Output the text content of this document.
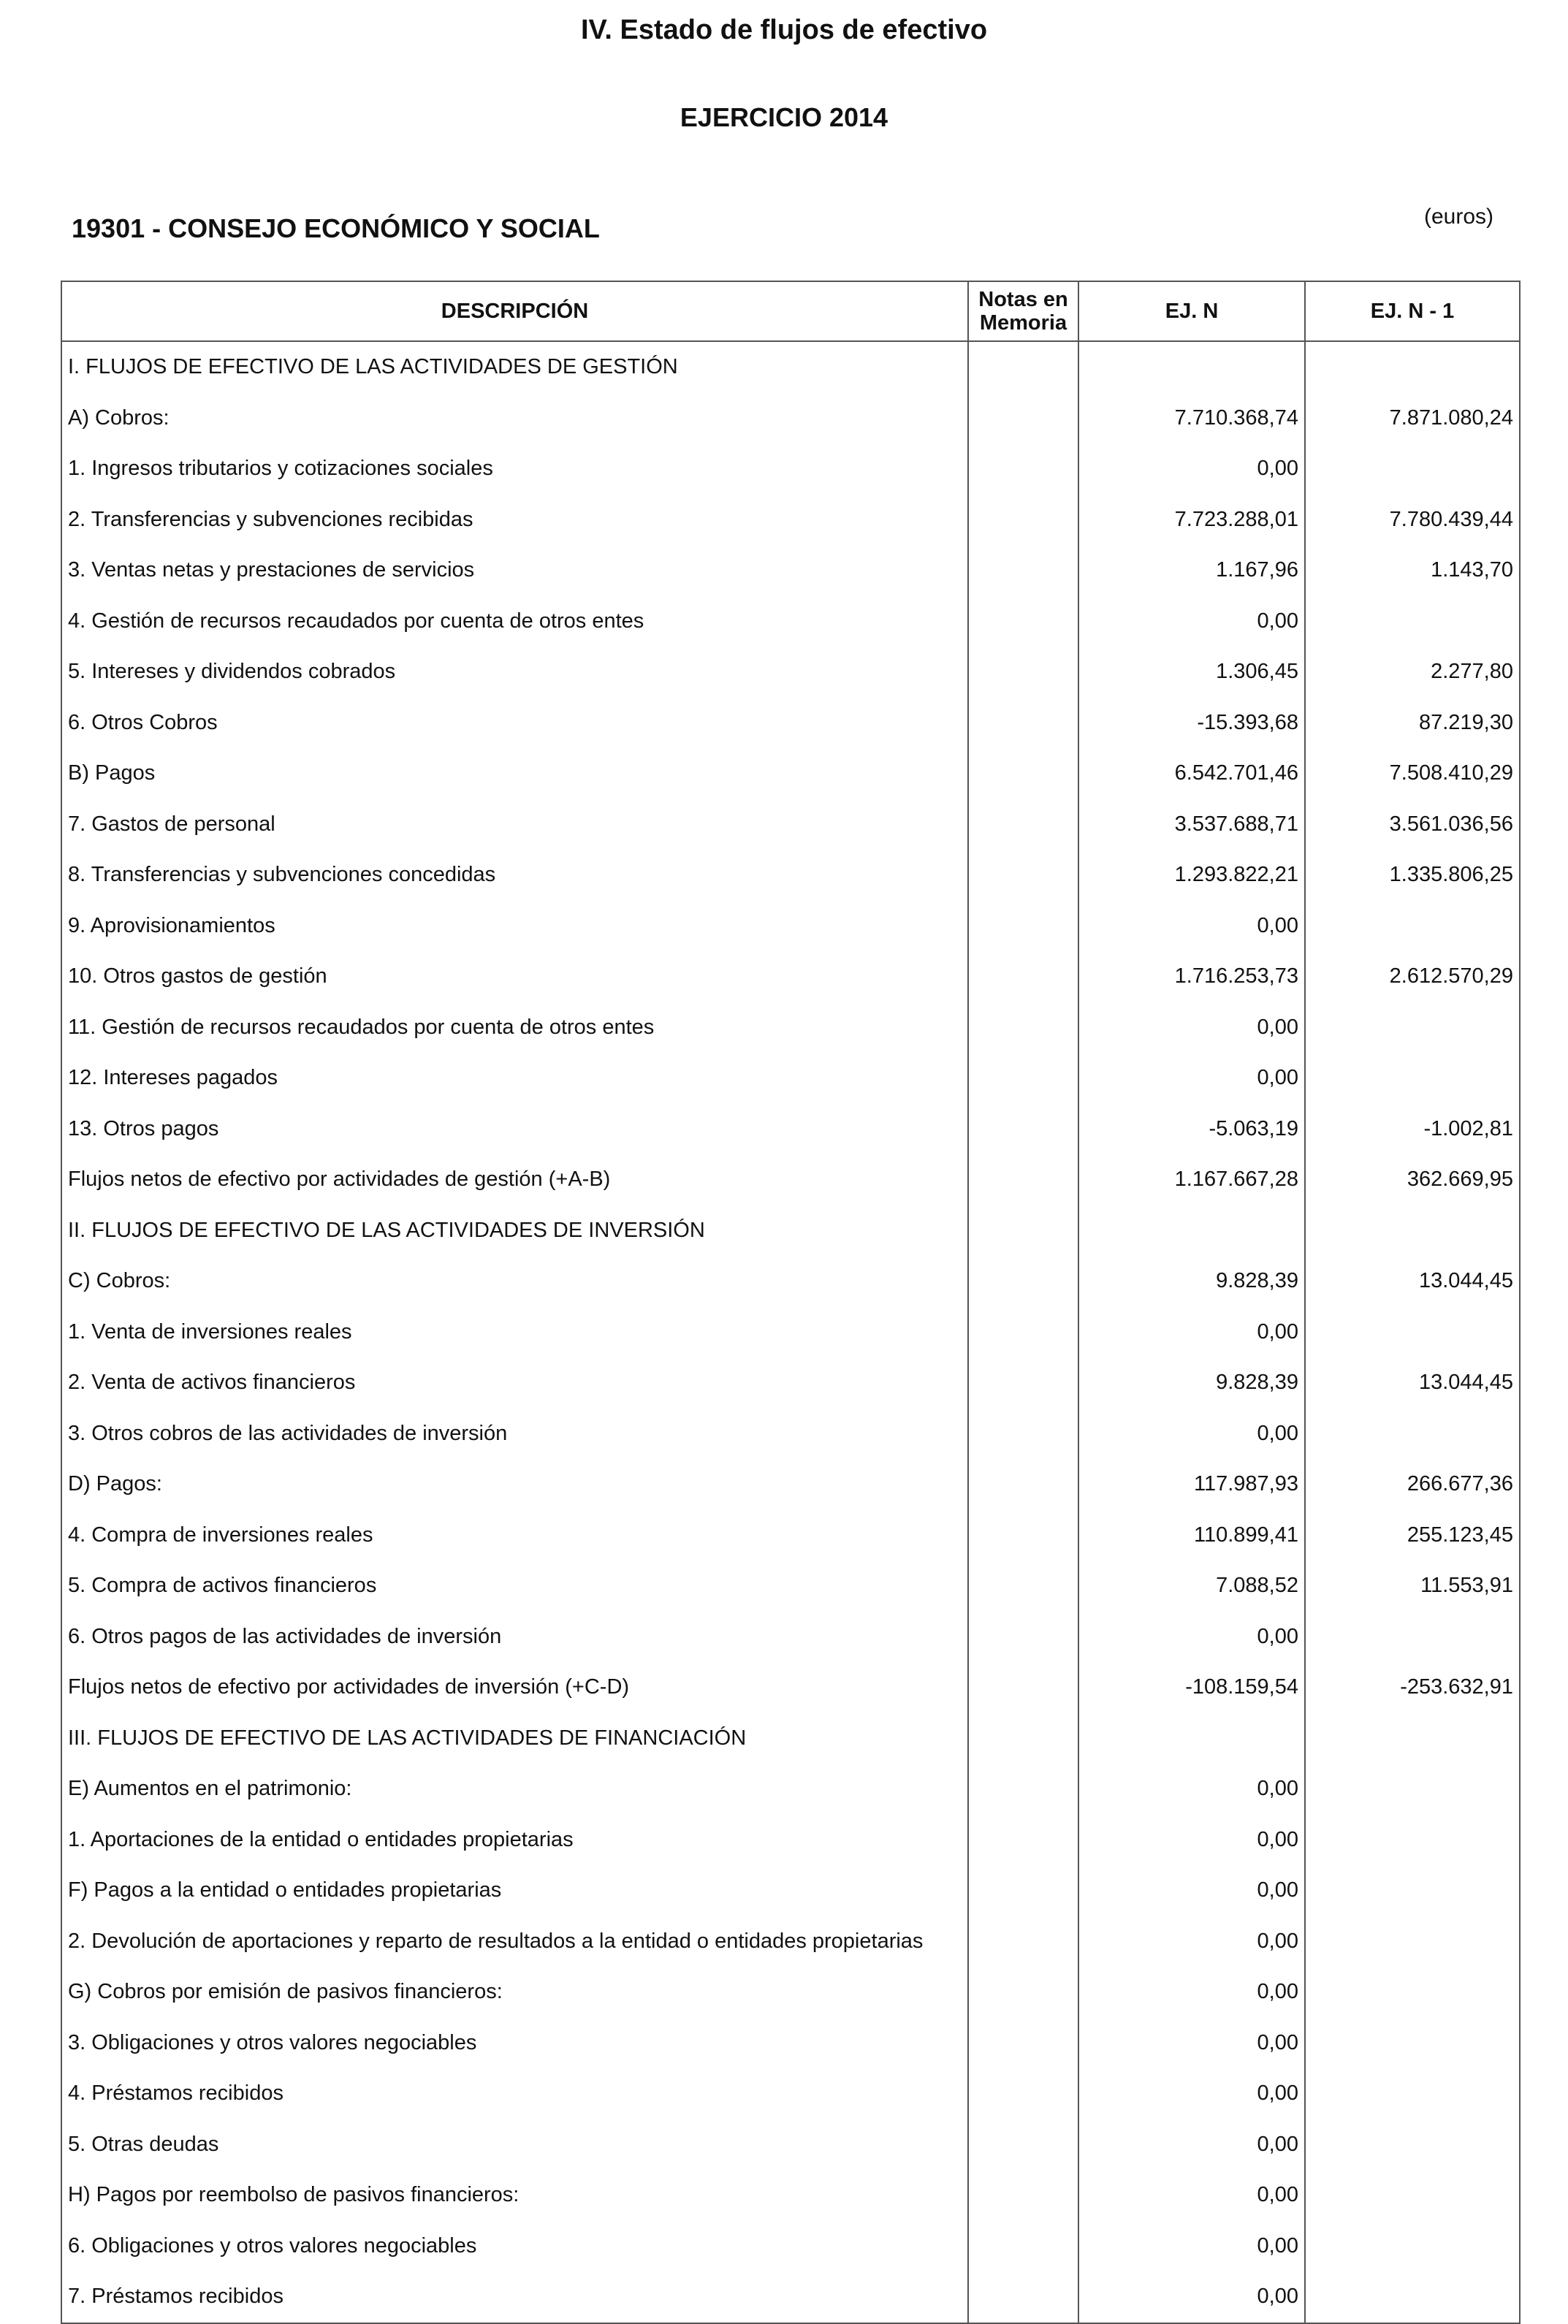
IV. Estado de flujos de efectivo
EJERCICIO 2014
19301 - CONSEJO ECONÓMICO Y SOCIAL	(euros)
DESCRIPCIÓN	Notas en Memoria	EJ. N	EJ. N - 1
I. FLUJOS DE EFECTIVO DE LAS ACTIVIDADES DE GESTIÓN			
A) Cobros:		7.710.368,74	7.871.080,24
1. Ingresos tributarios y cotizaciones sociales		0,00	
2. Transferencias y subvenciones recibidas		7.723.288,01	7.780.439,44
3. Ventas netas y prestaciones de servicios		1.167,96	1.143,70
4. Gestión de recursos recaudados por cuenta de otros entes		0,00	
5. Intereses y dividendos cobrados		1.306,45	2.277,80
6. Otros Cobros		-15.393,68	87.219,30
B) Pagos		6.542.701,46	7.508.410,29
7. Gastos de personal		3.537.688,71	3.561.036,56
8. Transferencias y subvenciones concedidas		1.293.822,21	1.335.806,25
9. Aprovisionamientos		0,00	
10. Otros gastos de gestión		1.716.253,73	2.612.570,29
11. Gestión de recursos recaudados por cuenta de otros entes		0,00	
12. Intereses pagados		0,00	
13. Otros pagos		-5.063,19	-1.002,81
Flujos netos de efectivo por actividades de gestión (+A-B)		1.167.667,28	362.669,95
II. FLUJOS DE EFECTIVO DE LAS ACTIVIDADES DE INVERSIÓN			
C) Cobros:		9.828,39	13.044,45
1. Venta de inversiones reales		0,00	
2. Venta de activos financieros		9.828,39	13.044,45
3. Otros cobros de las actividades de inversión		0,00	
D) Pagos:		117.987,93	266.677,36
4. Compra de inversiones reales		110.899,41	255.123,45
5. Compra de activos financieros		7.088,52	11.553,91
6. Otros pagos de las actividades de inversión		0,00	
Flujos netos de efectivo por actividades de inversión (+C-D)		-108.159,54	-253.632,91
III. FLUJOS DE EFECTIVO DE LAS ACTIVIDADES DE FINANCIACIÓN			
E) Aumentos en el patrimonio:		0,00	
1. Aportaciones de la entidad o entidades propietarias		0,00	
F) Pagos a la entidad o entidades propietarias		0,00	
2. Devolución de aportaciones y reparto de resultados a la entidad o entidades propietarias		0,00	
G) Cobros por emisión de pasivos financieros:		0,00	
3. Obligaciones y otros valores negociables		0,00	
4. Préstamos recibidos		0,00	
5. Otras deudas		0,00	
H) Pagos por reembolso de pasivos financieros:		0,00	
6. Obligaciones y otros valores negociables		0,00	
7. Préstamos recibidos		0,00	
